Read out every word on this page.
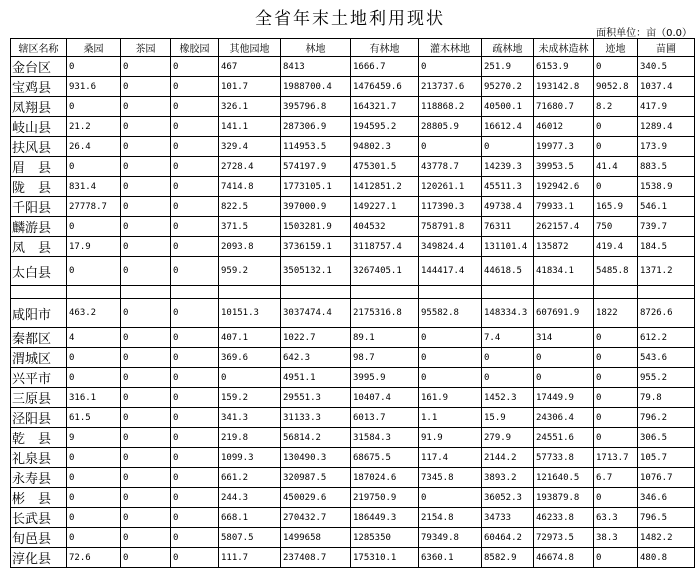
全省年末土地利用现状
面积单位：亩（0.0）
辖区名称	桑园	茶园	橡胶园	其他园地	林地	有林地	灌木林地	疏林地	未成林造林	迹地	苗圃
金台区	0	0	0	467	8413	1666.7	0	251.9	6153.9	0	340.5
宝鸡县	931.6	0	0	101.7	1988700.4	1476459.6	213737.6	95270.2	193142.8	9052.8	1037.4
凤翔县	0	0	0	326.1	395796.8	164321.7	118868.2	40500.1	71680.7	8.2	417.9
岐山县	21.2	0	0	141.1	287306.9	194595.2	28805.9	16612.4	46012	0	1289.4
扶风县	26.4	0	0	329.4	114953.5	94802.3	0	0	19977.3	0	173.9
眉　县	0	0	0	2728.4	574197.9	475301.5	43778.7	14239.3	39953.5	41.4	883.5
陇　县	831.4	0	0	7414.8	1773105.1	1412851.2	120261.1	45511.3	192942.6	0	1538.9
千阳县	27778.7	0	0	822.5	397000.9	149227.1	117390.3	49738.4	79933.1	165.9	546.1
麟游县	0	0	0	371.5	1503281.9	404532	758791.8	76311	262157.4	750	739.7
凤　县	17.9	0	0	2093.8	3736159.1	3118757.4	349824.4	131101.4	135872	419.4	184.5
太白县	0	0	0	959.2	3505132.1	3267405.1	144417.4	44618.5	41834.1	5485.8	1371.2

咸阳市	463.2	0	0	10151.3	3037474.4	2175316.8	95582.8	148334.3	607691.9	1822	8726.6
秦都区	4	0	0	407.1	1022.7	89.1	0	7.4	314	0	612.2
渭城区	0	0	0	369.6	642.3	98.7	0	0	0	0	543.6
兴平市	0	0	0	0	4951.1	3995.9	0	0	0	0	955.2
三原县	316.1	0	0	159.2	29551.3	10407.4	161.9	1452.3	17449.9	0	79.8
泾阳县	61.5	0	0	341.3	31133.3	6013.7	1.1	15.9	24306.4	0	796.2
乾　县	9	0	0	219.8	56814.2	31584.3	91.9	279.9	24551.6	0	306.5
礼泉县	0	0	0	1099.3	130490.3	68675.5	117.4	2144.2	57733.8	1713.7	105.7
永寿县	0	0	0	661.2	320987.5	187024.6	7345.8	3893.2	121640.5	6.7	1076.7
彬　县	0	0	0	244.3	450029.6	219750.9	0	36052.3	193879.8	0	346.6
长武县	0	0	0	668.1	270432.7	186449.3	2154.8	34733	46233.8	63.3	796.5
旬邑县	0	0	0	5807.5	1499658	1285350	79349.8	60464.2	72973.5	38.3	1482.2
淳化县	72.6	0	0	111.7	237408.7	175310.1	6360.1	8582.9	46674.8	0	480.8
